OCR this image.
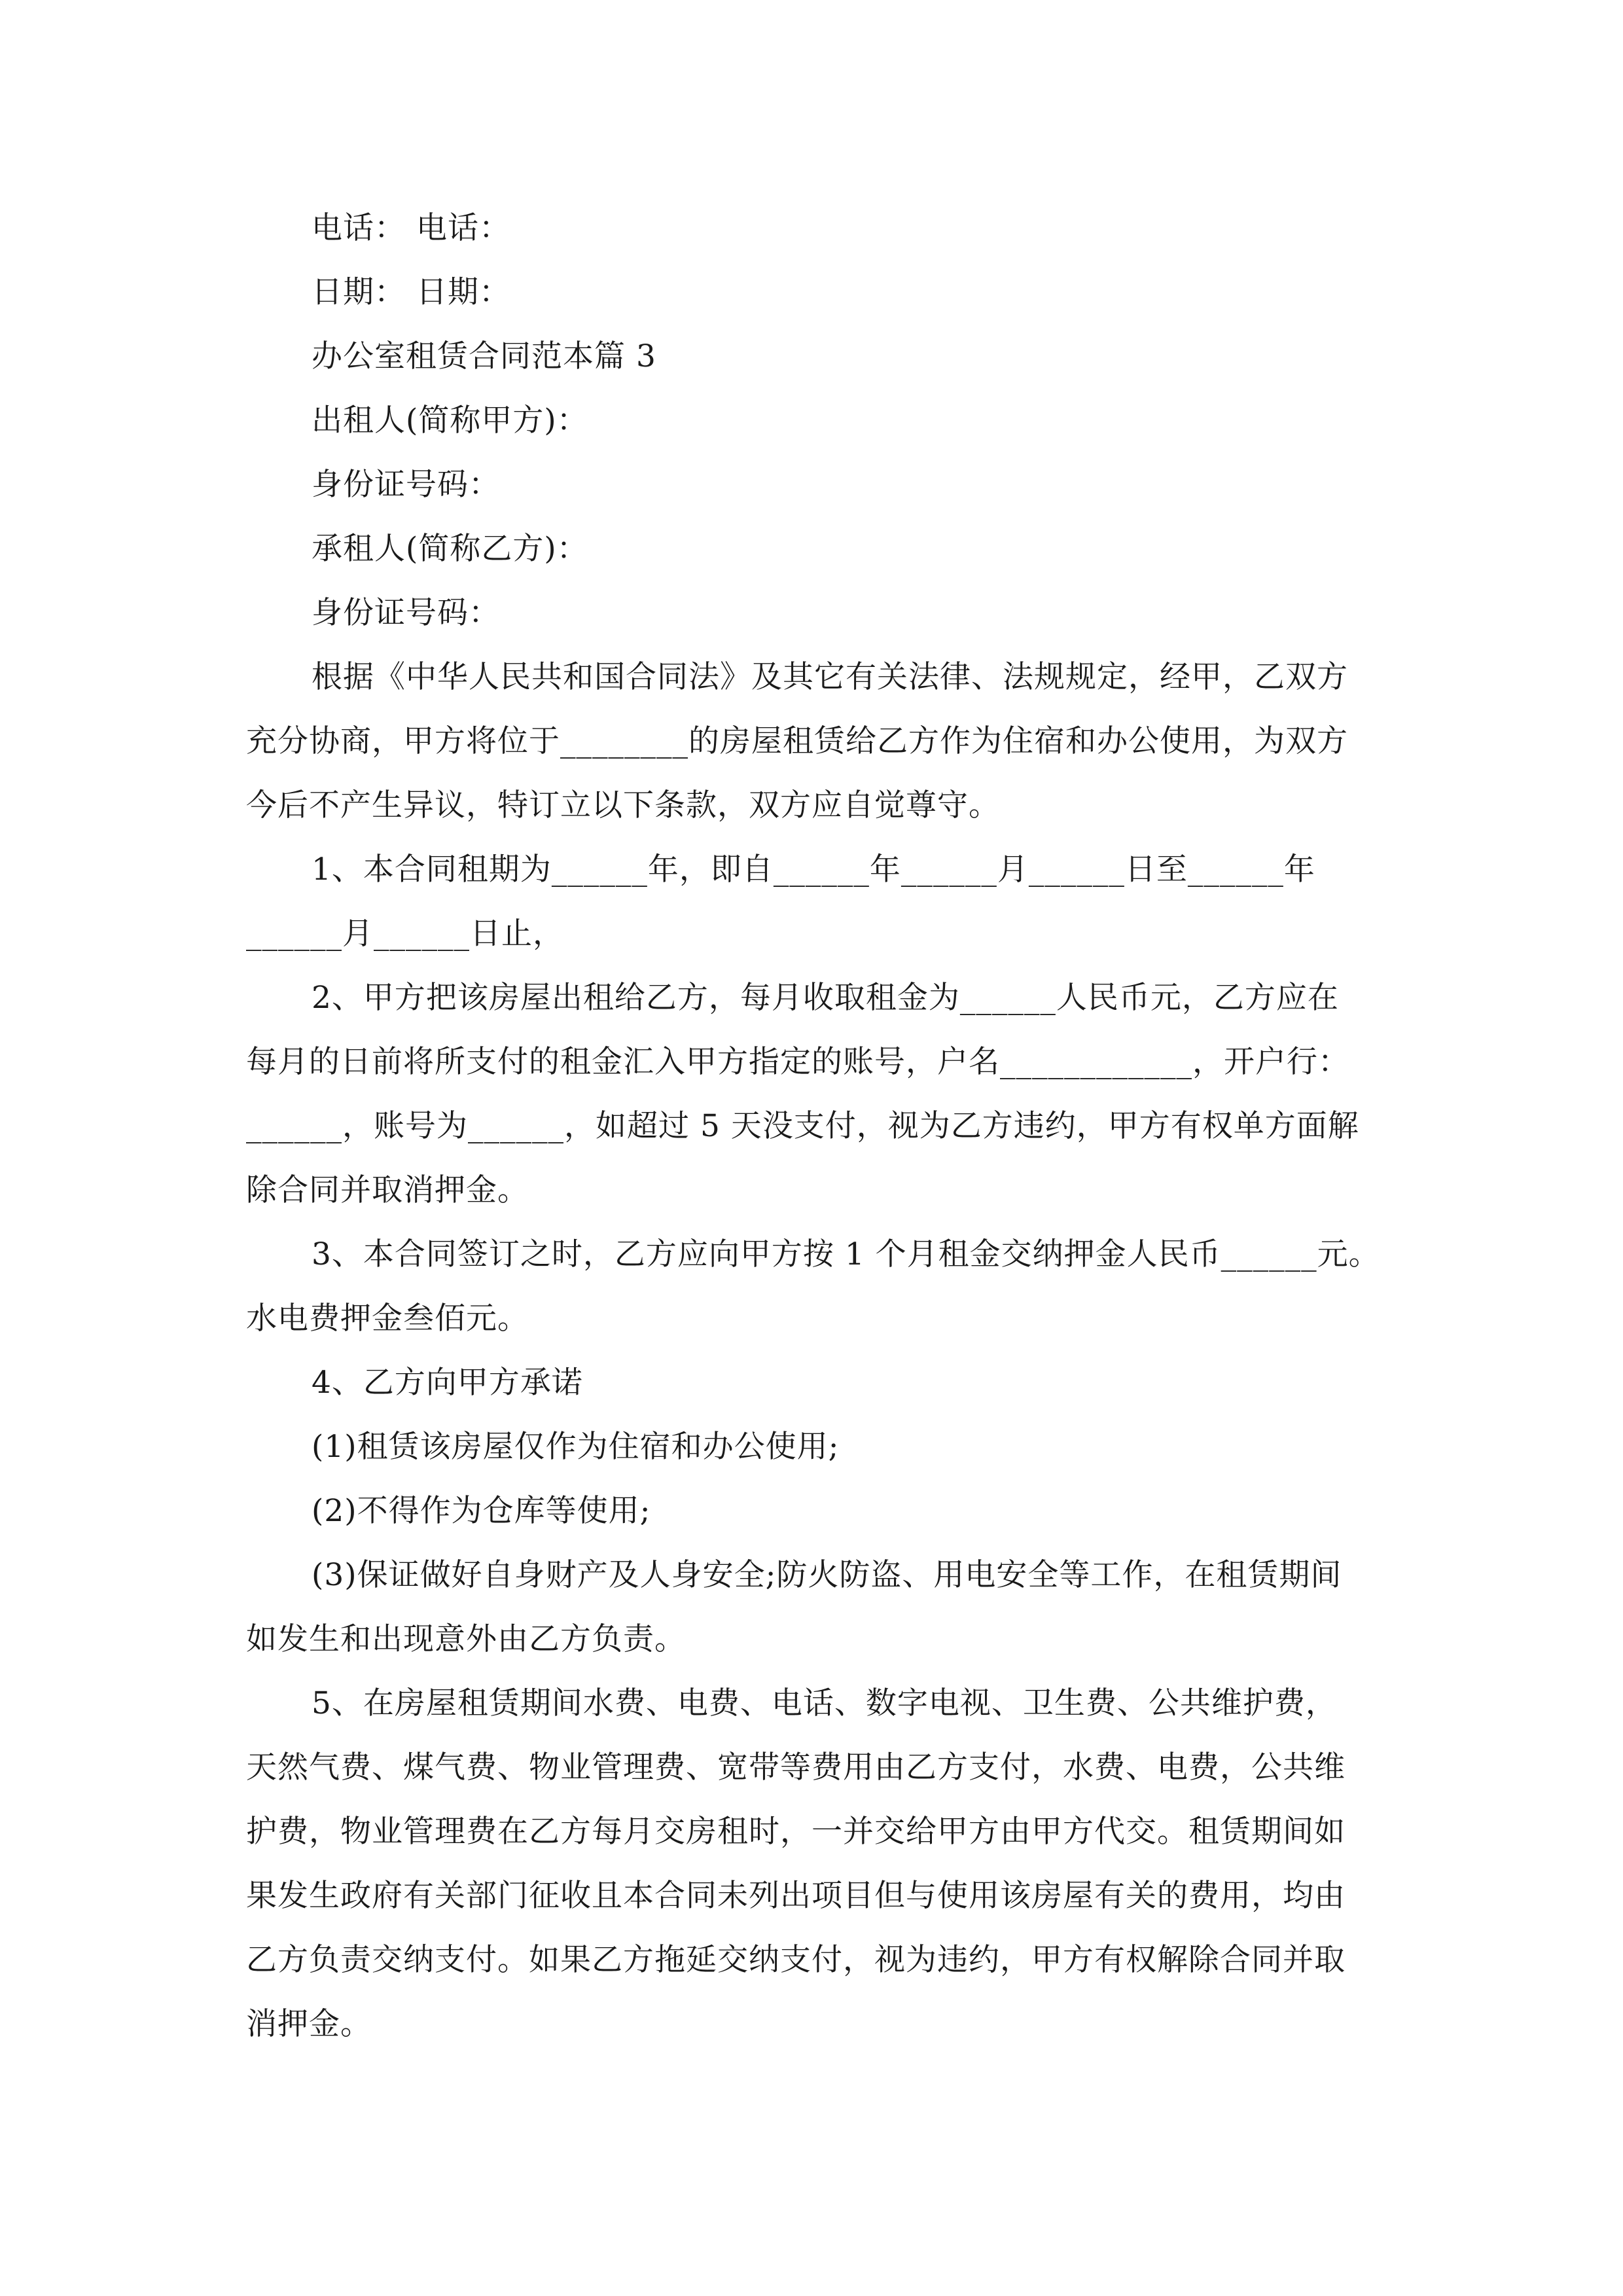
电话： 电话：
日期： 日期：
办公室租赁合同范本篇 3
出租人(简称甲方)：
身份证号码：
承租人(简称乙方)：
身份证号码：
根据《中华人民共和国合同法》及其它有关法律、法规规定，经甲，乙双方
充分协商，甲方将位于________的房屋租赁给乙方作为住宿和办公使用，为双方
今后不产生异议，特订立以下条款，双方应自觉尊守。
1、本合同租期为______年，即自______年______月______日至______年
______月______日止，
2、甲方把该房屋出租给乙方，每月收取租金为______人民币元，乙方应在
每月的日前将所支付的租金汇入甲方指定的账号，户名____________，开户行：
______，账号为______，如超过 5 天没支付，视为乙方违约，甲方有权单方面解
除合同并取消押金。
3、本合同签订之时，乙方应向甲方按 1 个月租金交纳押金人民币______元。
水电费押金叁佰元。
4、乙方向甲方承诺
(1)租赁该房屋仅作为住宿和办公使用;
(2)不得作为仓库等使用;
(3)保证做好自身财产及人身安全;防火防盗、用电安全等工作，在租赁期间
如发生和出现意外由乙方负责。
5、在房屋租赁期间水费、电费、电话、数字电视、卫生费、公共维护费，
天然气费、煤气费、物业管理费、宽带等费用由乙方支付，水费、电费，公共维
护费，物业管理费在乙方每月交房租时，一并交给甲方由甲方代交。租赁期间如
果发生政府有关部门征收且本合同未列出项目但与使用该房屋有关的费用，均由
乙方负责交纳支付。如果乙方拖延交纳支付，视为违约，甲方有权解除合同并取
消押金。
